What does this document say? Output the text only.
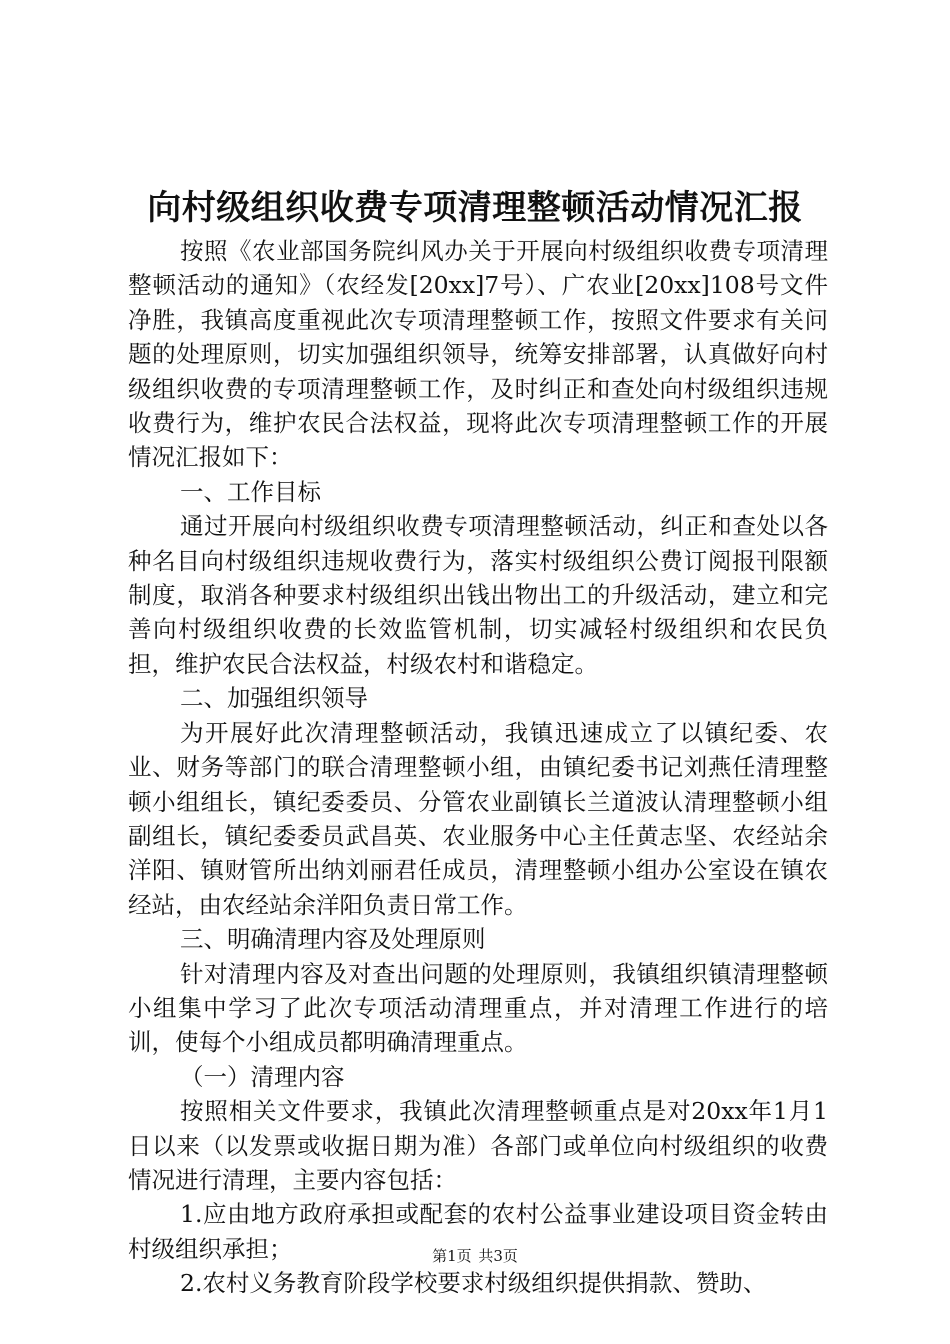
向村级组织收费专项清理整顿活动情况汇报

按照《农业部国务院纠风办关于开展向村级组织收费专项清理整顿活动的通知》（农经发[20xx]7号）、广农业[20xx]108号文件净胜，我镇高度重视此次专项清理整顿工作，按照文件要求有关问题的处理原则，切实加强组织领导，统筹安排部署，认真做好向村级组织收费的专项清理整顿工作，及时纠正和查处向村级组织违规收费行为，维护农民合法权益，现将此次专项清理整顿工作的开展情况汇报如下：

一、工作目标

通过开展向村级组织收费专项清理整顿活动，纠正和查处以各种名目向村级组织违规收费行为，落实村级组织公费订阅报刊限额制度，取消各种要求村级组织出钱出物出工的升级活动，建立和完善向村级组织收费的长效监管机制，切实减轻村级组织和农民负担，维护农民合法权益，村级农村和谐稳定。

二、加强组织领导

为开展好此次清理整顿活动，我镇迅速成立了以镇纪委、农业、财务等部门的联合清理整顿小组，由镇纪委书记刘燕任清理整顿小组组长，镇纪委委员、分管农业副镇长兰道波认清理整顿小组副组长，镇纪委委员武昌英、农业服务中心主任黄志坚、农经站余洋阳、镇财管所出纳刘丽君任成员，清理整顿小组办公室设在镇农经站，由农经站余洋阳负责日常工作。

三、明确清理内容及处理原则

针对清理内容及对查出问题的处理原则，我镇组织镇清理整顿小组集中学习了此次专项活动清理重点，并对清理工作进行的培训，使每个小组成员都明确清理重点。

（一）清理内容

按照相关文件要求，我镇此次清理整顿重点是对20xx年1月1日以来（以发票或收据日期为准）各部门或单位向村级组织的收费情况进行清理，主要内容包括：

1.应由地方政府承担或配套的农村公益事业建设项目资金转由村级组织承担；

2.农村义务教育阶段学校要求村级组织提供捐款、赞助、

第1页 共3页
